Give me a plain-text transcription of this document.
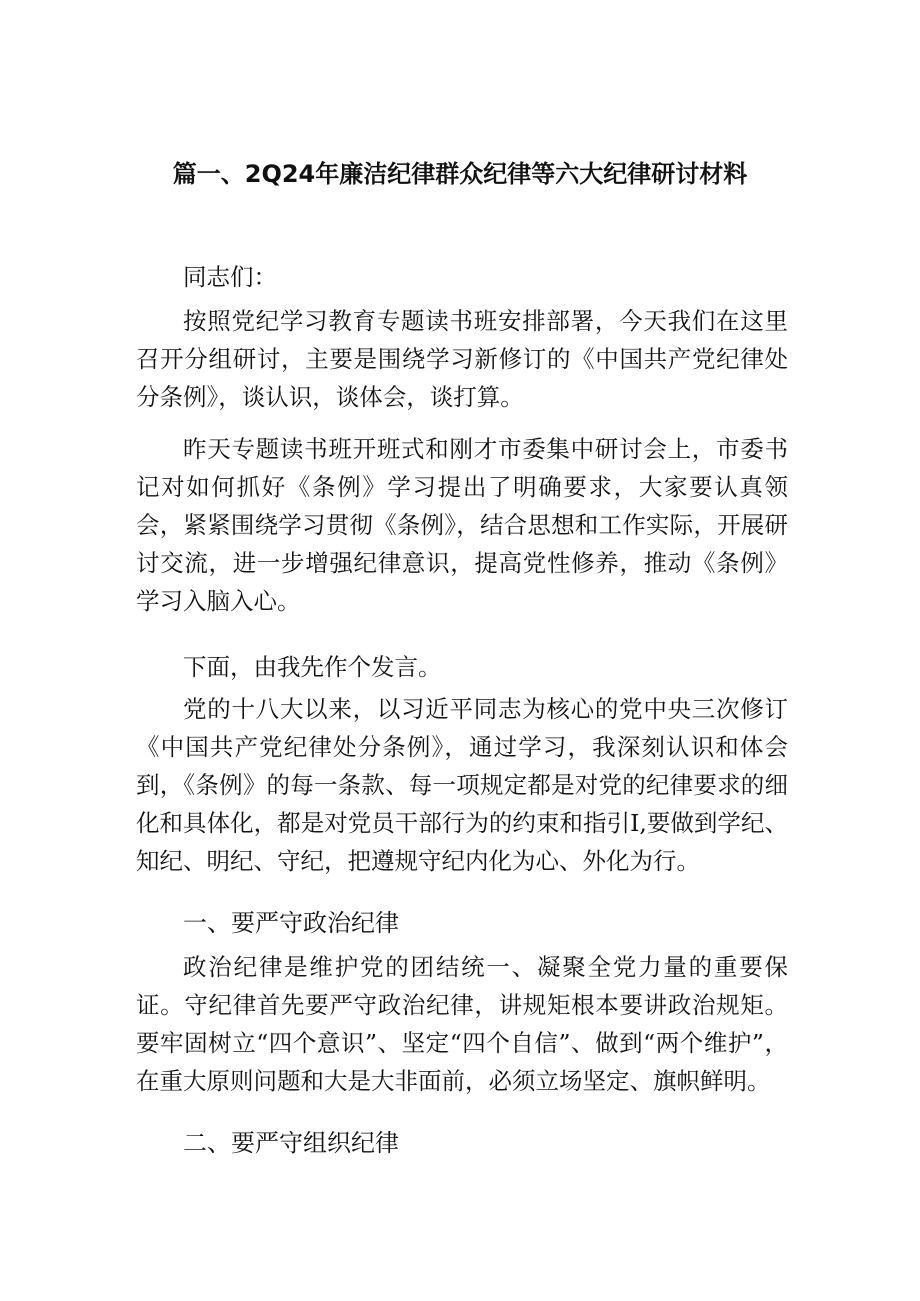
篇一、2Q24年廉洁纪律群众纪律等六大纪律研讨材料

同志们：

按照党纪学习教育专题读书班安排部署，今天我们在这里召开分组研讨，主要是围绕学习新修订的《中国共产党纪律处分条例》，谈认识，谈体会，谈打算。

昨天专题读书班开班式和刚才市委集中研讨会上，市委书记对如何抓好《条例》学习提出了明确要求，大家要认真领会，紧紧围绕学习贯彻《条例》，结合思想和工作实际，开展研讨交流，进一步增强纪律意识，提高党性修养，推动《条例》学习入脑入心。

下面，由我先作个发言。

党的十八大以来，以习近平同志为核心的党中央三次修订《中国共产党纪律处分条例》，通过学习，我深刻认识和体会到，《条例》的每一条款、每一项规定都是对党的纪律要求的细化和具体化，都是对党员干部行为的约束和指引I,要做到学纪、知纪、明纪、守纪，把遵规守纪内化为心、外化为行。

一、要严守政治纪律

政治纪律是维护党的团结统一、凝聚全党力量的重要保证。守纪律首先要严守政治纪律，讲规矩根本要讲政治规矩。要牢固树立“四个意识”、坚定“四个自信”、做到“两个维护”，在重大原则问题和大是大非面前，必须立场坚定、旗帜鲜明。

二、要严守组织纪律
